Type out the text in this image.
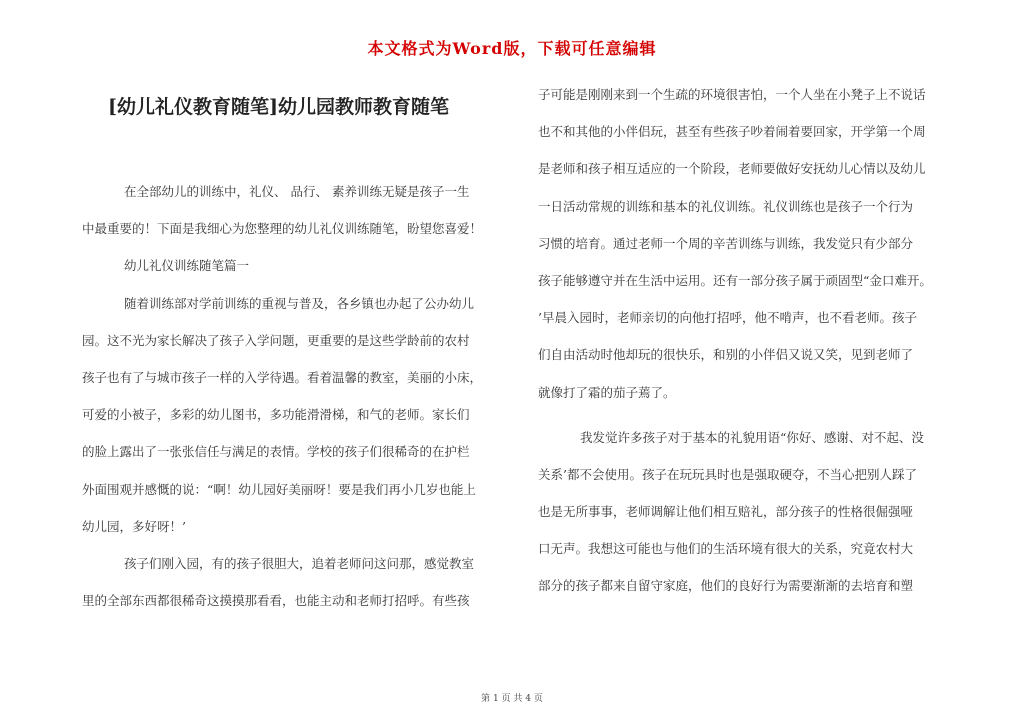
本文格式为Word版，下载可任意编辑
[幼儿礼仪教育随笔]幼儿园教师教育随笔

在全部幼儿的训练中，礼仪、 品行、 素养训练无疑是孩子一生

中最重要的！下面是我细心为您整理的幼儿礼仪训练随笔，盼望您喜爱！

幼儿礼仪训练随笔篇一

随着训练部对学前训练的重视与普及，各乡镇也办起了公办幼儿

园。这不光为家长解决了孩子入学问题，更重要的是这些学龄前的农村

孩子也有了与城市孩子一样的入学待遇。看着温馨的教室，美丽的小床，

可爱的小被子，多彩的幼儿图书，多功能滑滑梯，和气的老师。家长们

的脸上露出了一张张信任与满足的表情。学校的孩子们很稀奇的在护栏

外面围观并感慨的说：“啊！幼儿园好美丽呀！要是我们再小几岁也能上

幼儿园，多好呀！’

孩子们刚入园，有的孩子很胆大，追着老师问这问那，感觉教室

里的全部东西都很稀奇这摸摸那看看，也能主动和老师打招呼。有些孩

子可能是刚刚来到一个生疏的环境很害怕，一个人坐在小凳子上不说话

也不和其他的小伴侣玩，甚至有些孩子吵着闹着要回家，开学第一个周

是老师和孩子相互适应的一个阶段，老师要做好安抚幼儿心情以及幼儿

一日活动常规的训练和基本的礼仪训练。礼仪训练也是孩子一个行为

习惯的培育。通过老师一个周的辛苦训练与训练，我发觉只有少部分

孩子能够遵守并在生活中运用。还有一部分孩子属于顽固型“金口难开。

’早晨入园时，老师亲切的向他打招呼，他不啃声，也不看老师。孩子

们自由活动时他却玩的很快乐，和别的小伴侣又说又笑，见到老师了

就像打了霜的茄子蔫了。

我发觉许多孩子对于基本的礼貌用语“你好、感谢、对不起、没

关系’都不会使用。孩子在玩玩具时也是强取硬夺，不当心把别人踩了

也是无所事事，老师调解让他们相互赔礼，部分孩子的性格很倔强哑

口无声。我想这可能也与他们的生活环境有很大的关系，究竟农村大

部分的孩子都来自留守家庭，他们的良好行为需要渐渐的去培育和塑

第 1 页 共 4 页
